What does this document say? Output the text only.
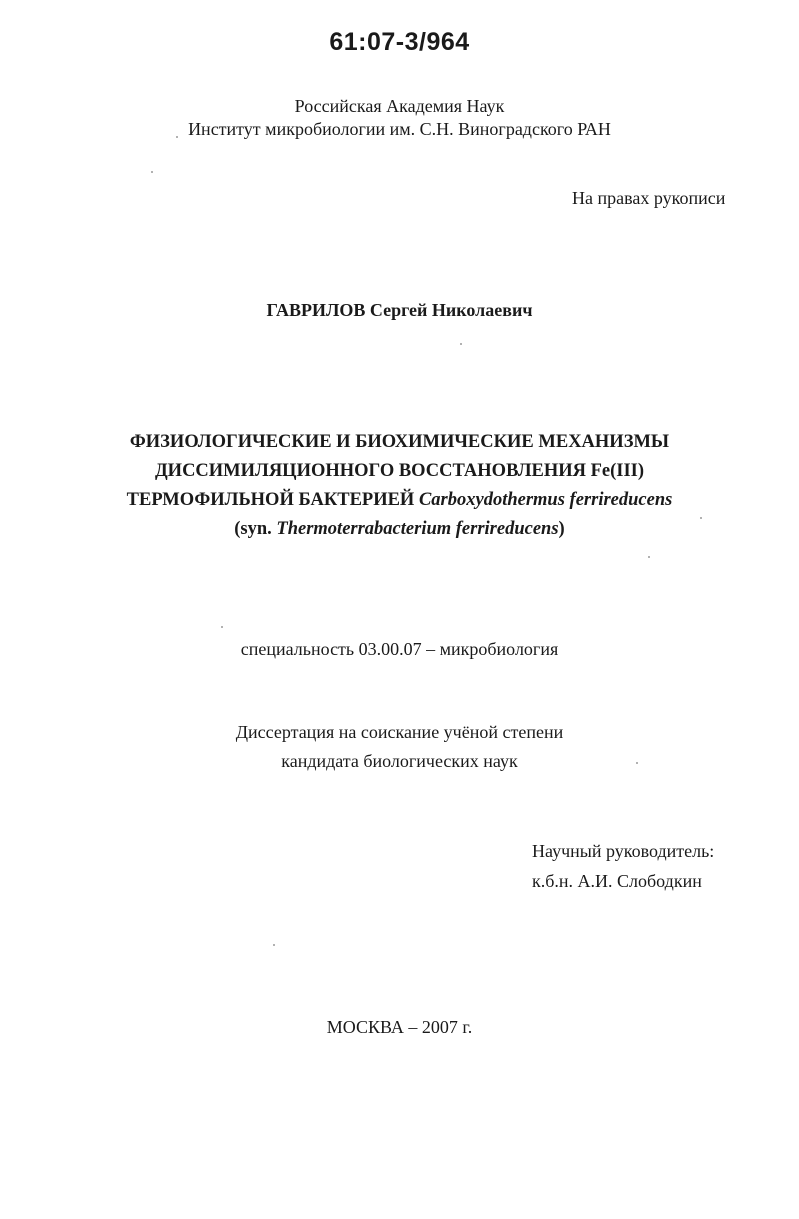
61:07-3/964
Российская Академия Наук
Институт микробиологии им. С.Н. Виноградского РАН
На правах рукописи
ГАВРИЛОВ Сергей Николаевич
ФИЗИОЛОГИЧЕСКИЕ И БИОХИМИЧЕСКИЕ МЕХАНИЗМЫ
ДИССИМИЛЯЦИОННОГО ВОССТАНОВЛЕНИЯ Fe(III)
ТЕРМОФИЛЬНОЙ БАКТЕРИЕЙ Carboxydothermus ferrireducens
(syn. Thermoterrabacterium ferrireducens)
специальность 03.00.07 – микробиология
Диссертация на соискание учёной степени
кандидата биологических наук
Научный руководитель:
к.б.н. А.И. Слободкин
МОСКВА – 2007 г.
